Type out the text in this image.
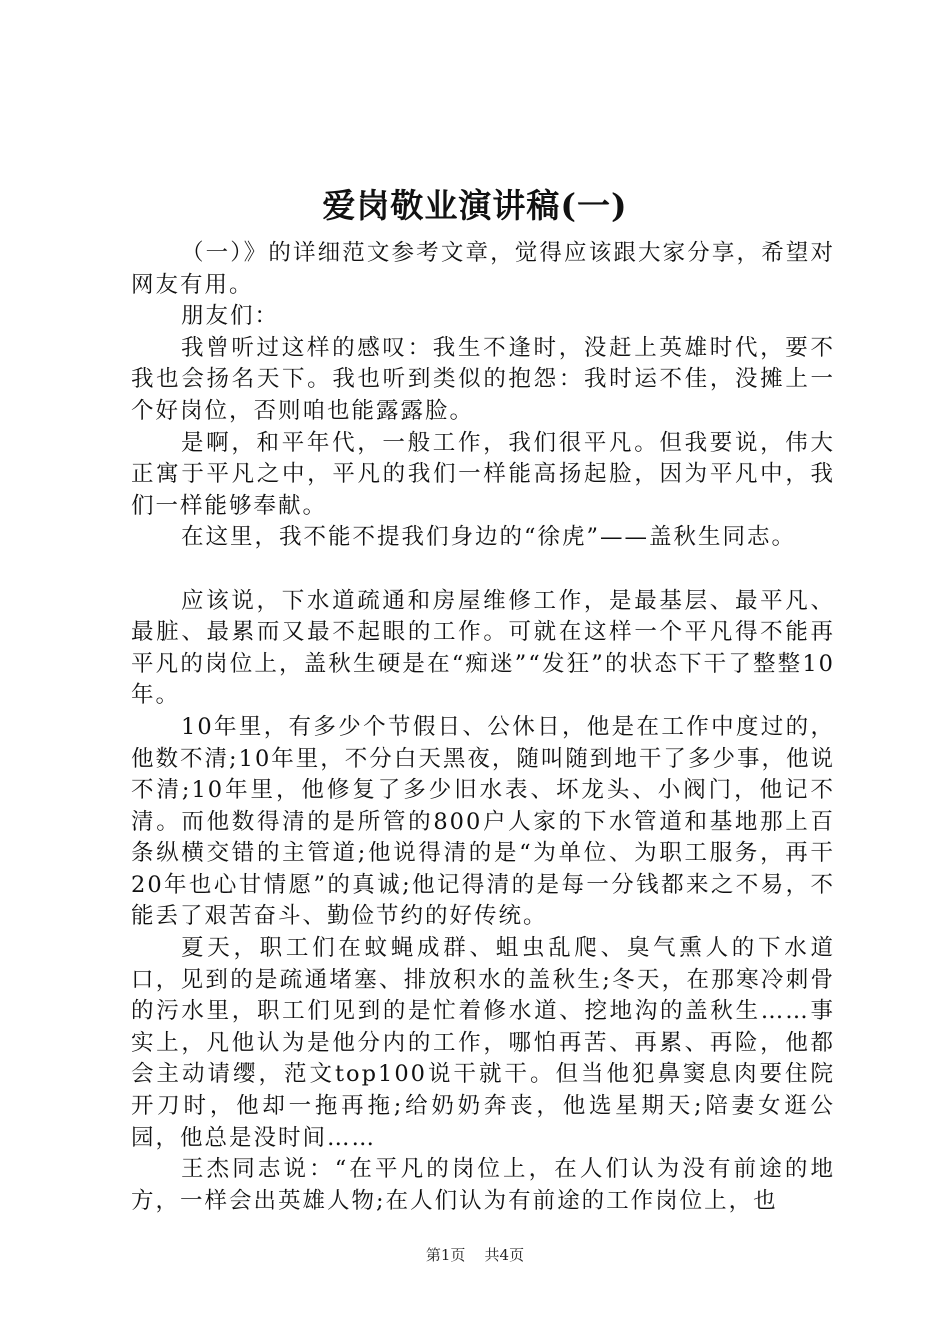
爱岗敬业演讲稿(一)

（一）》的详细范文参考文章，觉得应该跟大家分享，希望对网友有用。

朋友们：

我曾听过这样的感叹：我生不逢时，没赶上英雄时代，要不我也会扬名天下。我也听到类似的抱怨：我时运不佳，没摊上一个好岗位，否则咱也能露露脸。

是啊，和平年代，一般工作，我们很平凡。但我要说，伟大正寓于平凡之中，平凡的我们一样能高扬起脸，因为平凡中，我们一样能够奉献。

在这里，我不能不提我们身边的“徐虎”——盖秋生同志。

应该说，下水道疏通和房屋维修工作，是最基层、最平凡、最脏、最累而又最不起眼的工作。可就在这样一个平凡得不能再平凡的岗位上，盖秋生硬是在“痴迷”“发狂”的状态下干了整整10年。

10年里，有多少个节假日、公休日，他是在工作中度过的，他数不清;10年里，不分白天黑夜，随叫随到地干了多少事，他说不清;10年里，他修复了多少旧水表、坏龙头、小阀门，他记不清。而他数得清的是所管的800户人家的下水管道和基地那上百条纵横交错的主管道;他说得清的是“为单位、为职工服务，再干20年也心甘情愿”的真诚;他记得清的是每一分钱都来之不易，不能丢了艰苦奋斗、勤俭节约的好传统。

夏天，职工们在蚊蝇成群、蛆虫乱爬、臭气熏人的下水道口，见到的是疏通堵塞、排放积水的盖秋生;冬天，在那寒冷刺骨的污水里，职工们见到的是忙着修水道、挖地沟的盖秋生……事实上，凡他认为是他分内的工作，哪怕再苦、再累、再险，他都会主动请缨，范文top100说干就干。但当他犯鼻窦息肉要住院开刀时，他却一拖再拖;给奶奶奔丧，他选星期天;陪妻女逛公园，他总是没时间……

王杰同志说：“在平凡的岗位上，在人们认为没有前途的地方，一样会出英雄人物;在人们认为有前途的工作岗位上，也

第1页 共4页
